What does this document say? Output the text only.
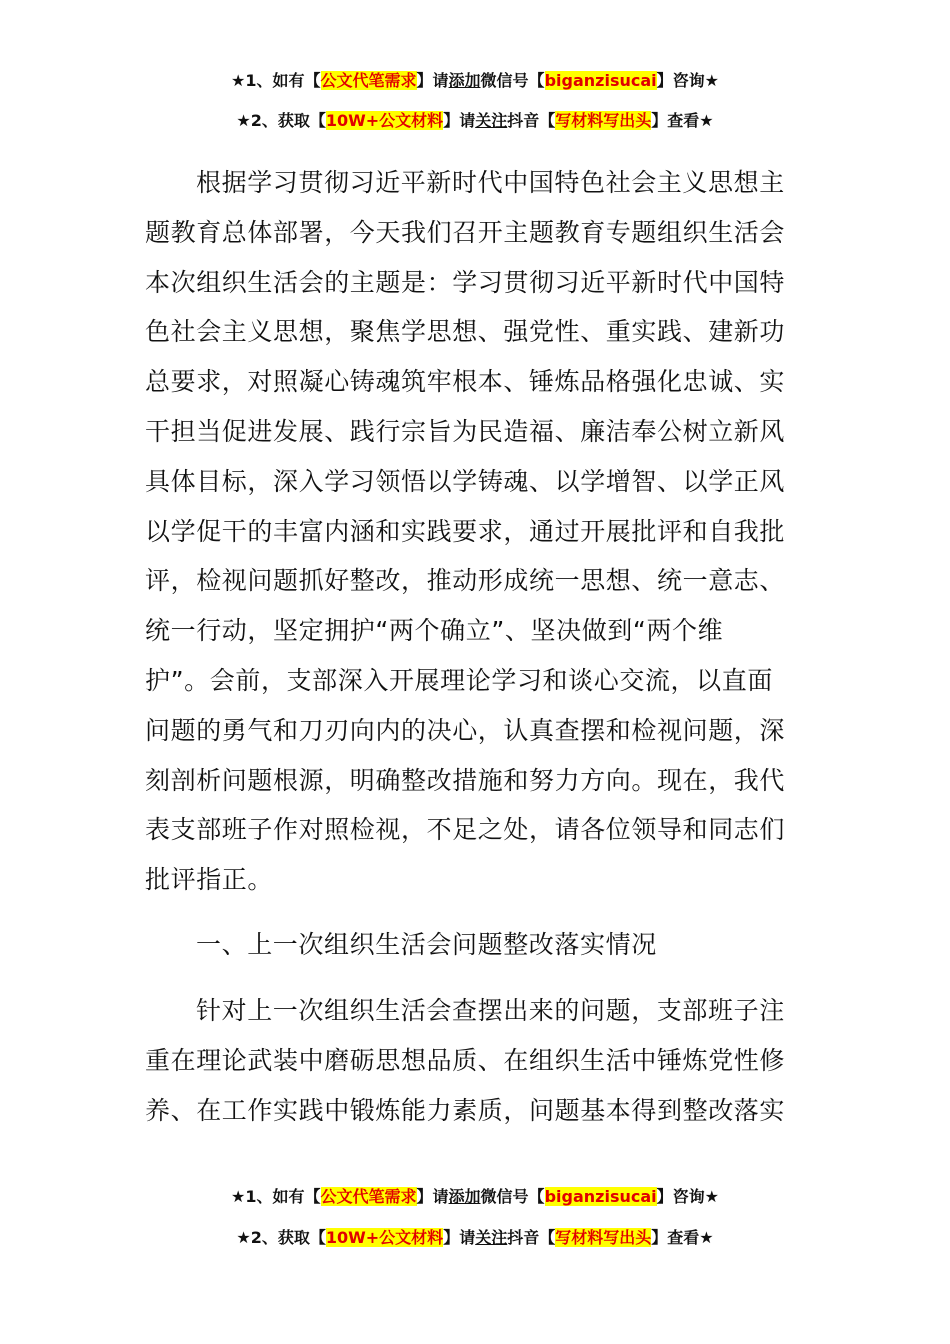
★1、如有【公文代笔需求】请添加微信号【biganzisucai】咨询★
★2、获取【10W+公文材料】请关注抖音【写材料写出头】查看★
根据学习贯彻习近平新时代中国特色社会主义思想主
题教育总体部署，今天我们召开主题教育专题组织生活会
本次组织生活会的主题是：学习贯彻习近平新时代中国特
色社会主义思想，聚焦学思想、强党性、重实践、建新功
总要求，对照凝心铸魂筑牢根本、锤炼品格强化忠诚、实
干担当促进发展、践行宗旨为民造福、廉洁奉公树立新风
具体目标，深入学习领悟以学铸魂、以学增智、以学正风
以学促干的丰富内涵和实践要求，通过开展批评和自我批
评，检视问题抓好整改，推动形成统一思想、统一意志、
统一行动，坚定拥护“两个确立”、坚决做到“两个维
护”。会前，支部深入开展理论学习和谈心交流，以直面
问题的勇气和刀刃向内的决心，认真查摆和检视问题，深
刻剖析问题根源，明确整改措施和努力方向。现在，我代
表支部班子作对照检视，不足之处，请各位领导和同志们
批评指正。
一、上一次组织生活会问题整改落实情况
针对上一次组织生活会查摆出来的问题，支部班子注
重在理论武装中磨砺思想品质、在组织生活中锤炼党性修
养、在工作实践中锻炼能力素质，问题基本得到整改落实
★1、如有【公文代笔需求】请添加微信号【biganzisucai】咨询★
★2、获取【10W+公文材料】请关注抖音【写材料写出头】查看★
